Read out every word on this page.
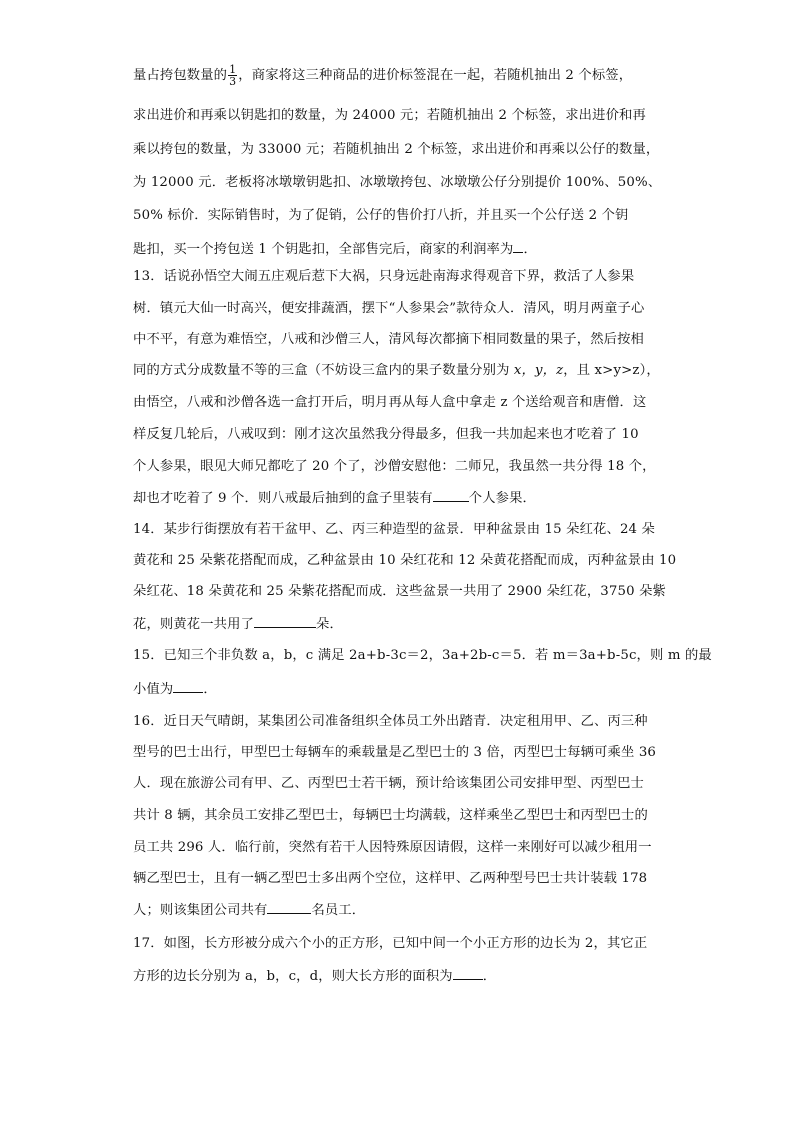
量占挎包数量的 $\frac{1}{3}$ ，商家将这三种商品的进价标签混在一起，若随机抽出 2 个标签，
求出进价和再乘以钥匙扣的数量，为 24000 元；若随机抽出 2 个标签，求出进价和再
乘以挎包的数量，为 33000 元；若随机抽出 2 个标签，求出进价和再乘以公仔的数量，
为 12000 元．老板将冰墩墩钥匙扣、冰墩墩挎包、冰墩墩公仔分别提价 100%、50%、
50% 标价．实际销售时，为了促销，公仔的售价打八折，并且买一个公仔送 2 个钥
匙扣，买一个挎包送 1 个钥匙扣，全部售完后，商家的利润率为 ．
13．话说孙悟空大闹五庄观后惹下大祸，只身远赴南海求得观音下界，救活了人参果
树．镇元大仙一时高兴，便安排蔬酒，摆下“人参果会”款待众人．清风，明月两童子心
中不平，有意为难悟空，八戒和沙僧三人，清风每次都摘下相同数量的果子，然后按相
同的方式分成数量不等的三盒（不妨设三盒内的果子数量分别为 x，y，z，且 x>y>z），
由悟空，八戒和沙僧各选一盒打开后，明月再从每人盒中拿走 z 个送给观音和唐僧．这
样反复几轮后，八戒叹到：刚才这次虽然我分得最多，但我一共加起来也才吃着了 10
个人参果，眼见大师兄都吃了 20 个了，沙僧安慰他：二师兄，我虽然一共分得 18 个，
却也才吃着了 9 个．则八戒最后抽到的盒子里装有	个人参果．
14．某步行街摆放有若干盆甲、乙、丙三种造型的盆景．甲种盆景由 15 朵红花、24 朵
黄花和 25 朵紫花搭配而成，乙种盆景由 10 朵红花和 12 朵黄花搭配而成，丙种盆景由 10
朵红花、18 朵黄花和 25 朵紫花搭配而成．这些盆景一共用了 2900 朵红花，3750 朵紫
花，则黄花一共用了	朵．
15．已知三个非负数 a，b，c 满足 2a+b-3c＝2，3a+2b-c＝5．若 m＝3a+b-5c，则 m 的最
小值为 ．
16．近日天气晴朗，某集团公司准备组织全体员工外出踏青．决定租用甲、乙、丙三种
型号的巴士出行，甲型巴士每辆车的乘载量是乙型巴士的 3 倍，丙型巴士每辆可乘坐 36
人．现在旅游公司有甲、乙、丙型巴士若干辆，预计给该集团公司安排甲型、丙型巴士
共计 8 辆，其余员工安排乙型巴士，每辆巴士均满载，这样乘坐乙型巴士和丙型巴士的
员工共 296 人．临行前，突然有若干人因特殊原因请假，这样一来刚好可以减少租用一
辆乙型巴士，且有一辆乙型巴士多出两个空位，这样甲、乙两种型号巴士共计装载 178
人；则该集团公司共有	名员工．
17．如图，长方形被分成六个小的正方形，已知中间一个小正方形的边长为 2，其它正
方形的边长分别为 a，b，c，d，则大长方形的面积为 ．
